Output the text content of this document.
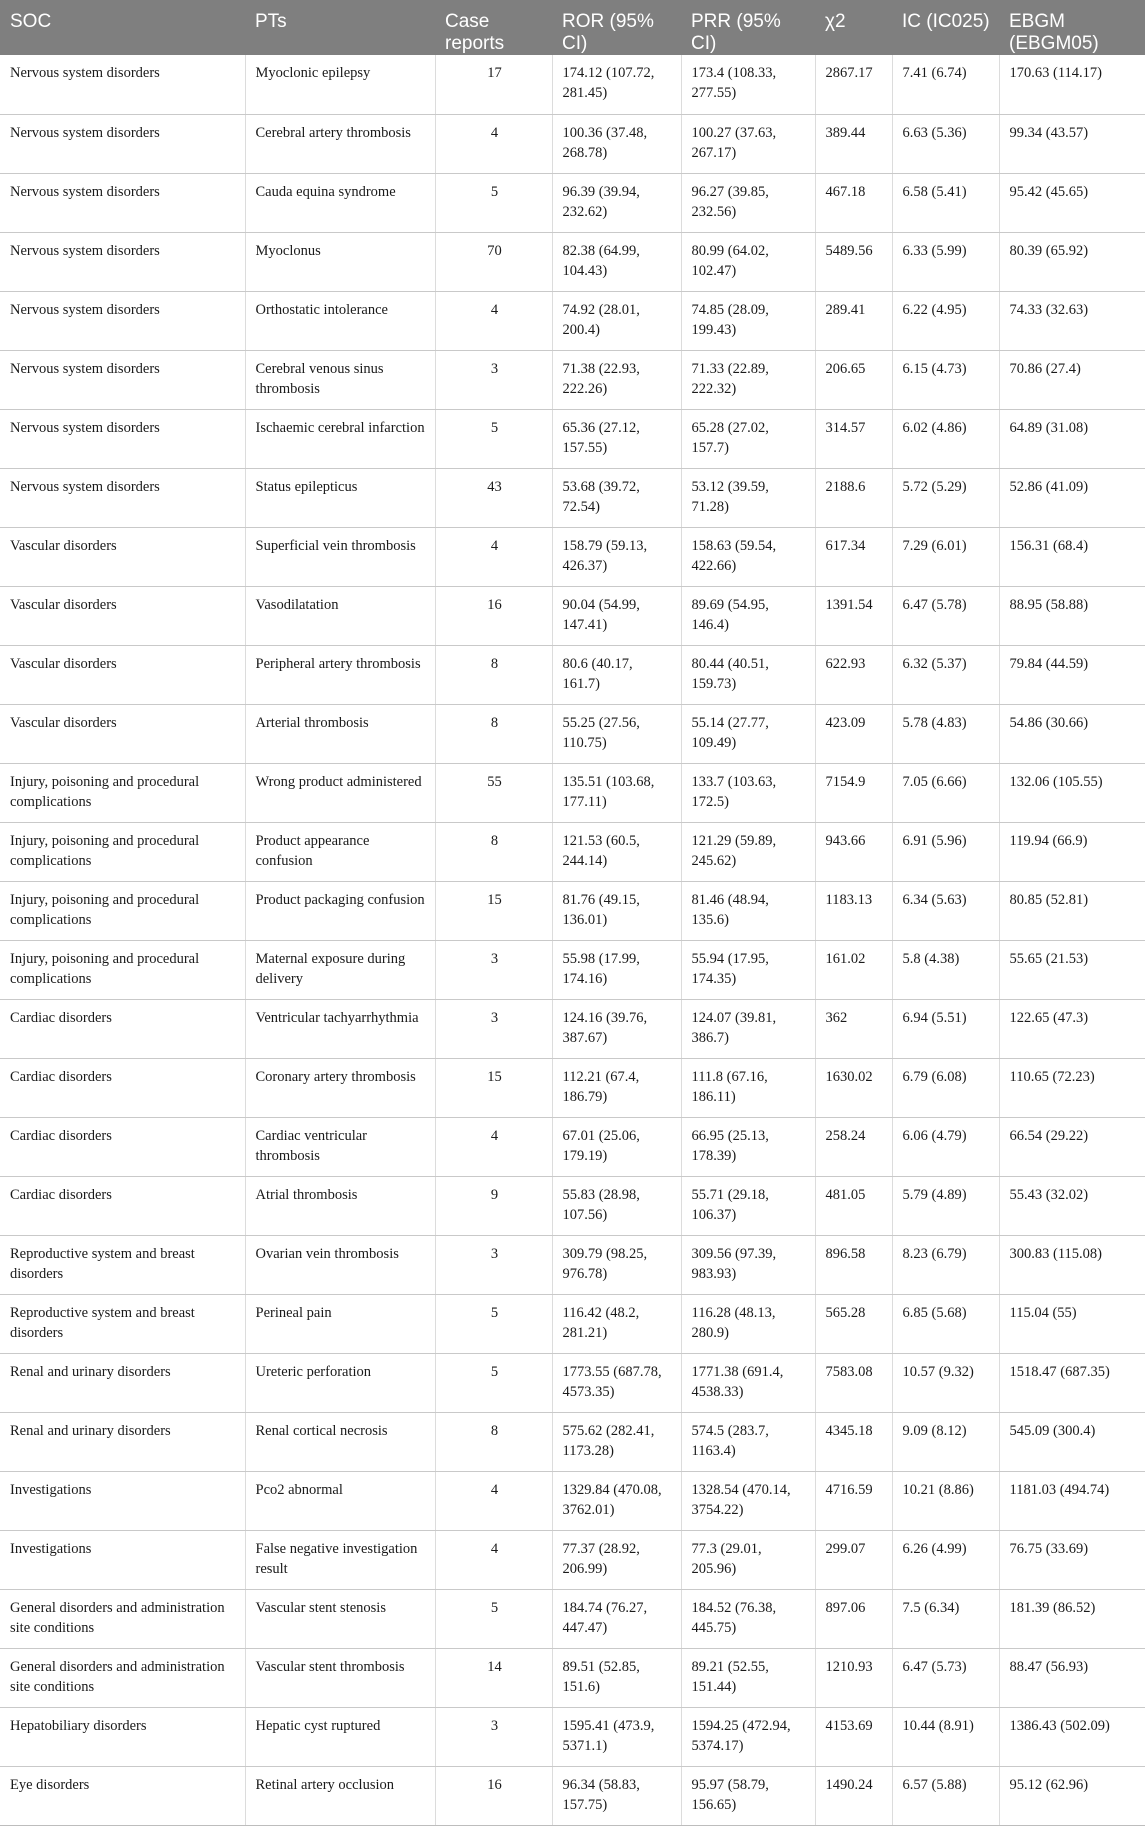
SOC	PTs	Case reports	ROR (95% CI)	PRR (95% CI)	χ2	IC (IC025)	EBGM (EBGM05)
Nervous system disorders	Myoclonic epilepsy	17	174.12 (107.72, 281.45)	173.4 (108.33, 277.55)	2867.17	7.41 (6.74)	170.63 (114.17)
Nervous system disorders	Cerebral artery thrombosis	4	100.36 (37.48, 268.78)	100.27 (37.63, 267.17)	389.44	6.63 (5.36)	99.34 (43.57)
Nervous system disorders	Cauda equina syndrome	5	96.39 (39.94, 232.62)	96.27 (39.85, 232.56)	467.18	6.58 (5.41)	95.42 (45.65)
Nervous system disorders	Myoclonus	70	82.38 (64.99, 104.43)	80.99 (64.02, 102.47)	5489.56	6.33 (5.99)	80.39 (65.92)
Nervous system disorders	Orthostatic intolerance	4	74.92 (28.01, 200.4)	74.85 (28.09, 199.43)	289.41	6.22 (4.95)	74.33 (32.63)
Nervous system disorders	Cerebral venous sinus thrombosis	3	71.38 (22.93, 222.26)	71.33 (22.89, 222.32)	206.65	6.15 (4.73)	70.86 (27.4)
Nervous system disorders	Ischaemic cerebral infarction	5	65.36 (27.12, 157.55)	65.28 (27.02, 157.7)	314.57	6.02 (4.86)	64.89 (31.08)
Nervous system disorders	Status epilepticus	43	53.68 (39.72, 72.54)	53.12 (39.59, 71.28)	2188.6	5.72 (5.29)	52.86 (41.09)
Vascular disorders	Superficial vein thrombosis	4	158.79 (59.13, 426.37)	158.63 (59.54, 422.66)	617.34	7.29 (6.01)	156.31 (68.4)
Vascular disorders	Vasodilatation	16	90.04 (54.99, 147.41)	89.69 (54.95, 146.4)	1391.54	6.47 (5.78)	88.95 (58.88)
Vascular disorders	Peripheral artery thrombosis	8	80.6 (40.17, 161.7)	80.44 (40.51, 159.73)	622.93	6.32 (5.37)	79.84 (44.59)
Vascular disorders	Arterial thrombosis	8	55.25 (27.56, 110.75)	55.14 (27.77, 109.49)	423.09	5.78 (4.83)	54.86 (30.66)
Injury, poisoning and procedural complications	Wrong product administered	55	135.51 (103.68, 177.11)	133.7 (103.63, 172.5)	7154.9	7.05 (6.66)	132.06 (105.55)
Injury, poisoning and procedural complications	Product appearance confusion	8	121.53 (60.5, 244.14)	121.29 (59.89, 245.62)	943.66	6.91 (5.96)	119.94 (66.9)
Injury, poisoning and procedural complications	Product packaging confusion	15	81.76 (49.15, 136.01)	81.46 (48.94, 135.6)	1183.13	6.34 (5.63)	80.85 (52.81)
Injury, poisoning and procedural complications	Maternal exposure during delivery	3	55.98 (17.99, 174.16)	55.94 (17.95, 174.35)	161.02	5.8 (4.38)	55.65 (21.53)
Cardiac disorders	Ventricular tachyarrhythmia	3	124.16 (39.76, 387.67)	124.07 (39.81, 386.7)	362	6.94 (5.51)	122.65 (47.3)
Cardiac disorders	Coronary artery thrombosis	15	112.21 (67.4, 186.79)	111.8 (67.16, 186.11)	1630.02	6.79 (6.08)	110.65 (72.23)
Cardiac disorders	Cardiac ventricular thrombosis	4	67.01 (25.06, 179.19)	66.95 (25.13, 178.39)	258.24	6.06 (4.79)	66.54 (29.22)
Cardiac disorders	Atrial thrombosis	9	55.83 (28.98, 107.56)	55.71 (29.18, 106.37)	481.05	5.79 (4.89)	55.43 (32.02)
Reproductive system and breast disorders	Ovarian vein thrombosis	3	309.79 (98.25, 976.78)	309.56 (97.39, 983.93)	896.58	8.23 (6.79)	300.83 (115.08)
Reproductive system and breast disorders	Perineal pain	5	116.42 (48.2, 281.21)	116.28 (48.13, 280.9)	565.28	6.85 (5.68)	115.04 (55)
Renal and urinary disorders	Ureteric perforation	5	1773.55 (687.78, 4573.35)	1771.38 (691.4, 4538.33)	7583.08	10.57 (9.32)	1518.47 (687.35)
Renal and urinary disorders	Renal cortical necrosis	8	575.62 (282.41, 1173.28)	574.5 (283.7, 1163.4)	4345.18	9.09 (8.12)	545.09 (300.4)
Investigations	Pco2 abnormal	4	1329.84 (470.08, 3762.01)	1328.54 (470.14, 3754.22)	4716.59	10.21 (8.86)	1181.03 (494.74)
Investigations	False negative investigation result	4	77.37 (28.92, 206.99)	77.3 (29.01, 205.96)	299.07	6.26 (4.99)	76.75 (33.69)
General disorders and administration site conditions	Vascular stent stenosis	5	184.74 (76.27, 447.47)	184.52 (76.38, 445.75)	897.06	7.5 (6.34)	181.39 (86.52)
General disorders and administration site conditions	Vascular stent thrombosis	14	89.51 (52.85, 151.6)	89.21 (52.55, 151.44)	1210.93	6.47 (5.73)	88.47 (56.93)
Hepatobiliary disorders	Hepatic cyst ruptured	3	1595.41 (473.9, 5371.1)	1594.25 (472.94, 5374.17)	4153.69	10.44 (8.91)	1386.43 (502.09)
Eye disorders	Retinal artery occlusion	16	96.34 (58.83, 157.75)	95.97 (58.79, 156.65)	1490.24	6.57 (5.88)	95.12 (62.96)
